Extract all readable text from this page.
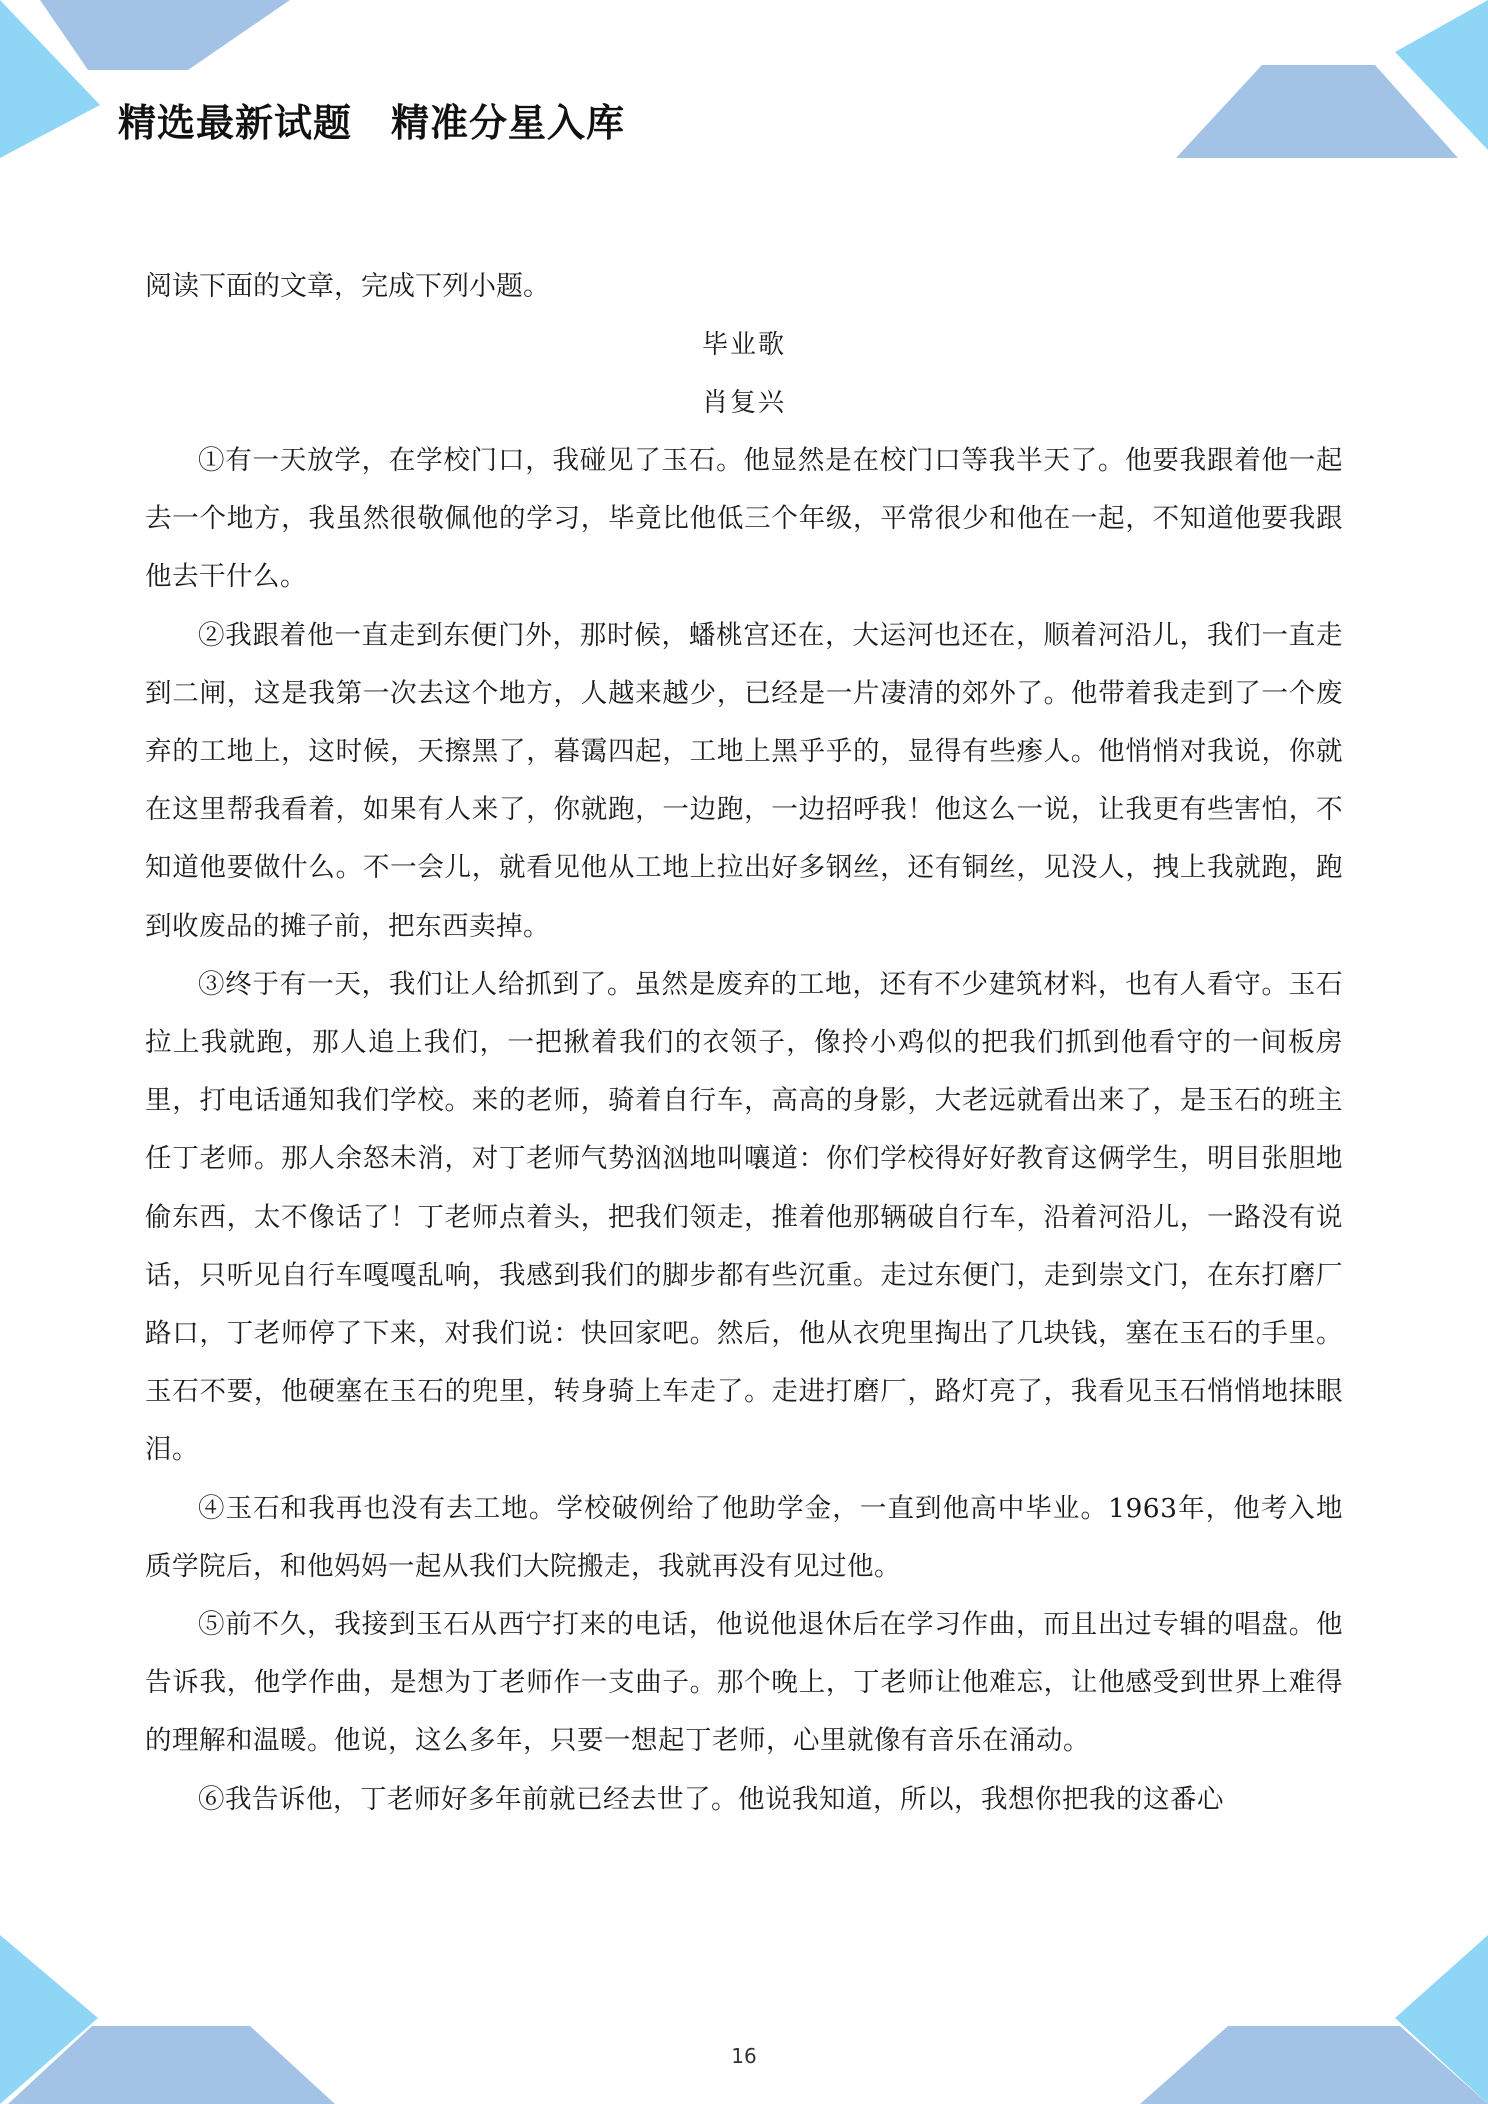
精选最新试题　精准分星入库

阅读下面的文章，完成下列小题。

毕业歌

肖复兴

①有一天放学，在学校门口，我碰见了玉石。他显然是在校门口等我半天了。他要我跟着他一起去一个地方，我虽然很敬佩他的学习，毕竟比他低三个年级，平常很少和他在一起，不知道他要我跟他去干什么。

②我跟着他一直走到东便门外，那时候，蟠桃宫还在，大运河也还在，顺着河沿儿，我们一直走到二闸，这是我第一次去这个地方，人越来越少，已经是一片凄清的郊外了。他带着我走到了一个废弃的工地上，这时候，天擦黑了，暮霭四起，工地上黑乎乎的，显得有些瘆人。他悄悄对我说，你就在这里帮我看着，如果有人来了，你就跑，一边跑，一边招呼我！他这么一说，让我更有些害怕，不知道他要做什么。不一会儿，就看见他从工地上拉出好多钢丝，还有铜丝，见没人，拽上我就跑，跑到收废品的摊子前，把东西卖掉。

③终于有一天，我们让人给抓到了。虽然是废弃的工地，还有不少建筑材料，也有人看守。玉石拉上我就跑，那人追上我们，一把揪着我们的衣领子，像拎小鸡似的把我们抓到他看守的一间板房里，打电话通知我们学校。来的老师，骑着自行车，高高的身影，大老远就看出来了，是玉石的班主任丁老师。那人余怒未消，对丁老师气势汹汹地叫嚷道：你们学校得好好教育这俩学生，明目张胆地偷东西，太不像话了！丁老师点着头，把我们领走，推着他那辆破自行车，沿着河沿儿，一路没有说话，只听见自行车嘎嘎乱响，我感到我们的脚步都有些沉重。走过东便门，走到崇文门，在东打磨厂路口，丁老师停了下来，对我们说：快回家吧。然后，他从衣兜里掏出了几块钱，塞在玉石的手里。玉石不要，他硬塞在玉石的兜里，转身骑上车走了。走进打磨厂，路灯亮了，我看见玉石悄悄地抹眼泪。

④玉石和我再也没有去工地。学校破例给了他助学金，一直到他高中毕业。1963年，他考入地质学院后，和他妈妈一起从我们大院搬走，我就再没有见过他。

⑤前不久，我接到玉石从西宁打来的电话，他说他退休后在学习作曲，而且出过专辑的唱盘。他告诉我，他学作曲，是想为丁老师作一支曲子。那个晚上，丁老师让他难忘，让他感受到世界上难得的理解和温暖。他说，这么多年，只要一想起丁老师，心里就像有音乐在涌动。

⑥我告诉他，丁老师好多年前就已经去世了。他说我知道，所以，我想你把我的这番心

16
